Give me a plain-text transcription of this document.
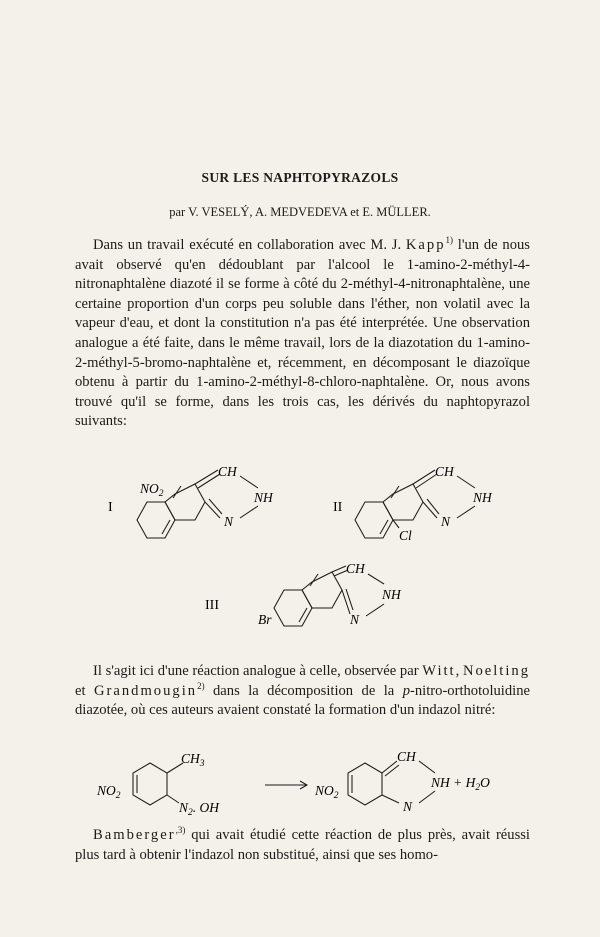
SUR LES NAPHTOPYRAZOLS
par V. VESELÝ, A. MEDVEDEVA et E. MÜLLER.

Dans un travail exécuté en collaboration avec M. J. Kapp$^{1)}$ l'un de nous avait observé qu'en dédoublant par l'alcool le 1-amino-2-méthyl-4-nitronaphtalène diazoté il se forme à côté du 2-méthyl-4-nitronaphtalène, une certaine proportion d'un corps peu soluble dans l'éther, non volatil avec la vapeur d'eau, et dont la constitution n'a pas été interprétée. Une observation analogue a été faite, dans le même travail, lors de la diazotation du 1-amino-2-méthyl-5-bromo-naphtalène et, récemment, en décomposant le diazoïque obtenu à partir du 1-amino-2-méthyl-8-chloro-naphtalène. Or, nous avons trouvé qu'il se forme, dans les trois cas, les dérivés du naphtopyrazol suivants:

I
$NO_2$
CH
NH
N
II
Cl
CH
NH
N
III
Br
CH
NH
N

Il s'agit ici d'une réaction analogue à celle, observée par Witt, Noelting et Grandmougin$^{2)}$ dans la décomposition de la p-nitro-orthotoluidine diazotée, où ces auteurs avaient constaté la formation d'un indazol nitré:

$CH_3$
$NO_2$
$N_2$. OH
$NO_2$
CH
NH + $H_2O$
N

Bamberger$^{,3)}$ qui avait étudié cette réaction de plus près, avait réussi plus tard à obtenir l'indazol non substitué, ainsi que ses homo-
